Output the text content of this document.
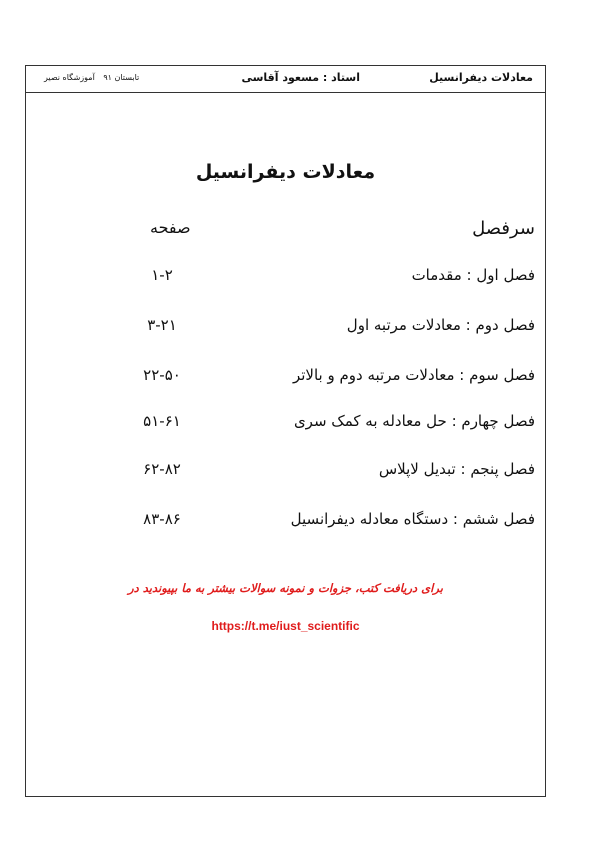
معادلات دیفرانسیل
استاد : مسعود آقاسی
تابستان ۹۱ آموزشگاه نصیر
معادلات دیفرانسیل
سرفصل
صفحه
فصل اول : مقدمات
۱-۲
فصل دوم : معادلات مرتبه اول
۳-۲۱
فصل سوم : معادلات مرتبه دوم و بالاتر
۲۲-۵۰
فصل چهارم : حل معادله به کمک سری
۵۱-۶۱
فصل پنجم : تبدیل لاپلاس
۶۲-۸۲
فصل ششم : دستگاه معادله دیفرانسیل
۸۳-۸۶
برای دریافت کتب، جزوات و نمونه سوالات بیشتر به ما بپیوندید در
https://t.me/iust_scientific
